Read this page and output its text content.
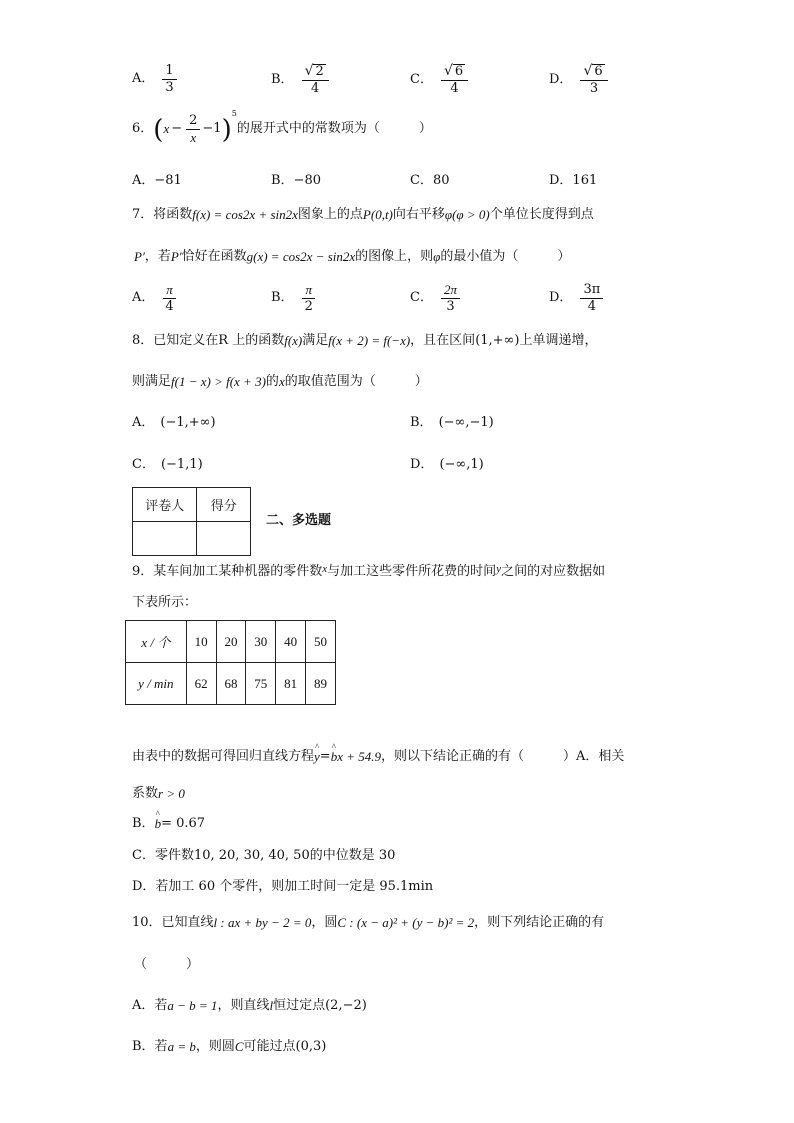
A． $\frac{1}{3}$	B． $\frac{√ 2}{4}$	C． $\frac{√ 6}{4}$	D． $\frac{√ 6}{3}$
6． ( $x - \frac{2}{x} -1$ )
5
的展开式中的常数项为（　　　）
A．−81	B．−80	C．80	D．161
7．将函数 f(x) = cos2x + sin2x 图象上的点 P(0,t) 向右平移 φ(φ > 0) 个单位长度得到点
P′ ，若 P′ 恰好在函数 g(x) = cos2x − sin2x 的图像上，则 φ 的最小值为（　　　）
A． $\frac{\pi}{4}$	B． $\frac{\pi}{2}$	C． $\frac{2\pi}{3}$	D． $\frac{3\pi}{4}$
8．已知定义在R 上的函数 f(x) 满足 f(x + 2) = f(−x) ，且在区间 (1,+∞) 上单调递增，
则满足 f(1 − x) > f(x + 3) 的 x 的取值范围为（　　　）
A． (−1,+∞)	B． (−∞,−1)
C． (−1,1)	D． (−∞,1)
评卷人	得分

二、多选题
9．某车间加工某种机器的零件数 x 与加工这些零件所花费的时间 y 之间的对应数据如
下表所示：
x / 个	10	20	30	40	50
y / min	62	68	75	81	89
由表中的数据可得回归直线方程 ^ y = ^ b x + 54.9 ，则以下结论正确的有（　　　）A．相关
系数 r > 0
B． ^ b = 0.67
C．零件数 10, 20, 30, 40, 50 的中位数是 30
D．若加工 60 个零件，则加工时间一定是 95.1min
10．已知直线 l : ax + by − 2 = 0 ，圆 C : (x − a)² + (y − b)² = 2 ，则下列结论正确的有
（　　　）
A．若 a − b = 1 ，则直线 l 恒过定点 (2,−2)
B．若 a = b ，则圆 C 可能过点 (0,3)
